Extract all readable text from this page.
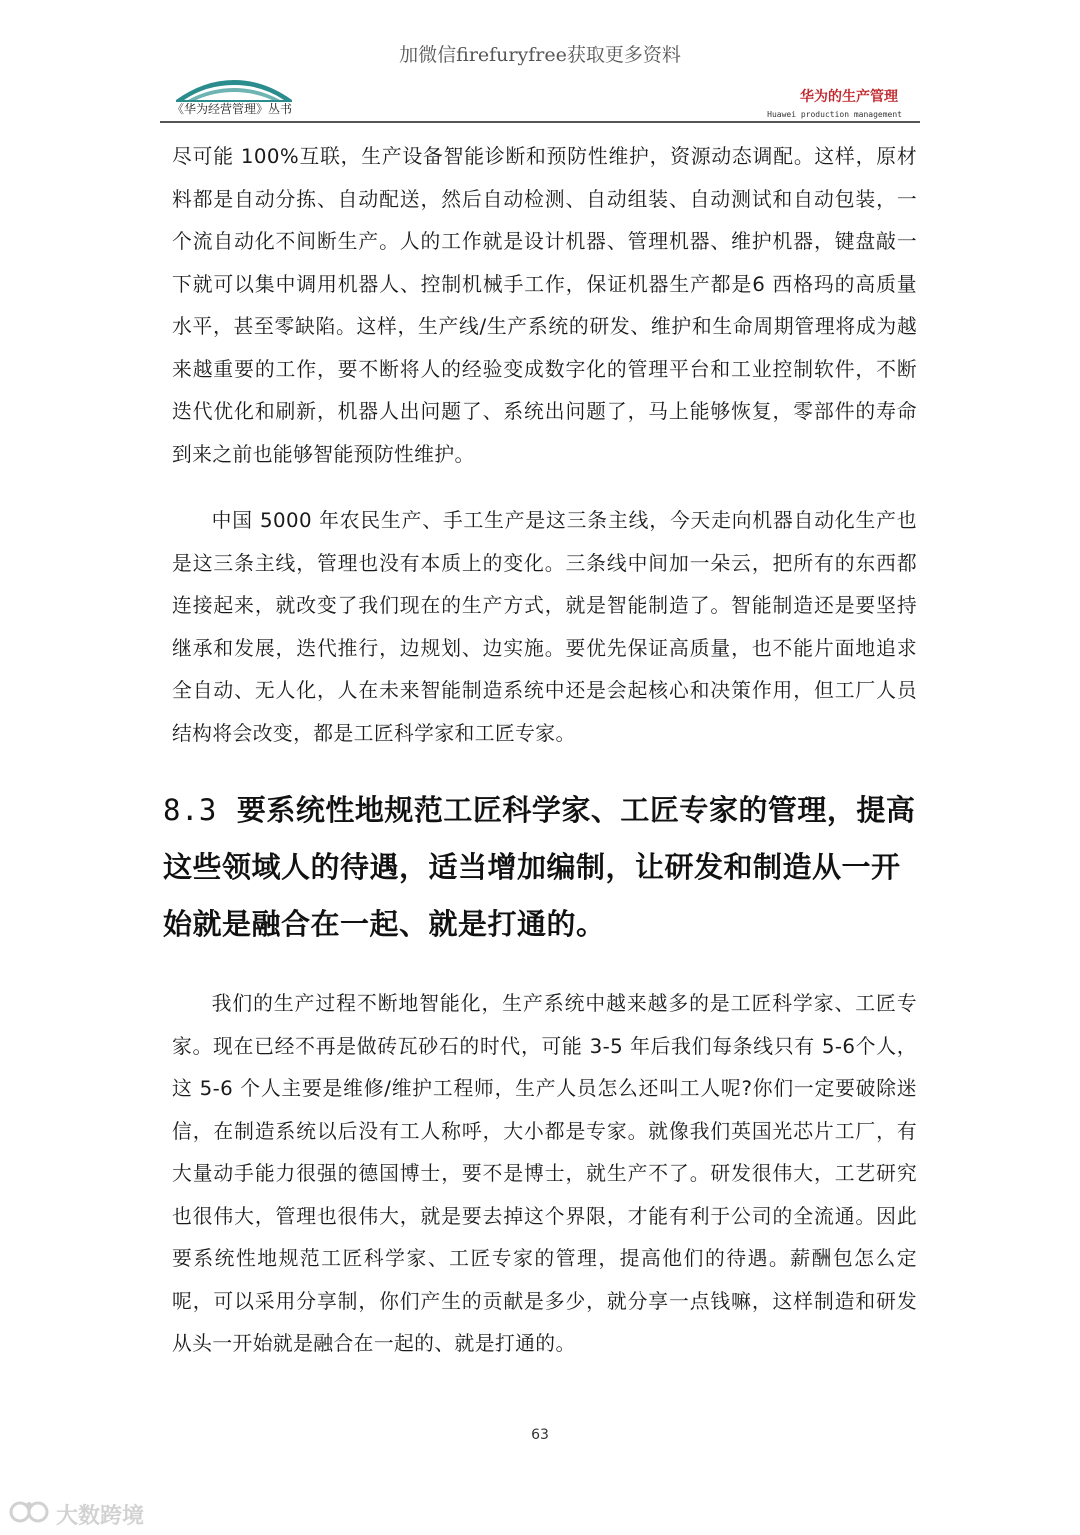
加微信firefuryfree获取更多资料
《华为经营管理》丛书
华为的生产管理
Huawei production management

尽可能 100%互联，生产设备智能诊断和预防性维护，资源动态调配。这样，原材料都是自动分拣、自动配送，然后自动检测、自动组装、自动测试和自动包装，一个流自动化不间断生产。人的工作就是设计机器、管理机器、维护机器，键盘敲一下就可以集中调用机器人、控制机械手工作，保证机器生产都是6 西格玛的高质量水平，甚至零缺陷。这样，生产线/生产系统的研发、维护和生命周期管理将成为越来越重要的工作，要不断将人的经验变成数字化的管理平台和工业控制软件，不断迭代优化和刷新，机器人出问题了、系统出问题了，马上能够恢复，零部件的寿命到来之前也能够智能预防性维护。

中国 5000 年农民生产、手工生产是这三条主线，今天走向机器自动化生产也是这三条主线，管理也没有本质上的变化。三条线中间加一朵云，把所有的东西都连接起来，就改变了我们现在的生产方式，就是智能制造了。智能制造还是要坚持继承和发展，迭代推行，边规划、边实施。要优先保证高质量，也不能片面地追求全自动、无人化，人在未来智能制造系统中还是会起核心和决策作用，但工厂人员结构将会改变，都是工匠科学家和工匠专家。

8.3 要系统性地规范工匠科学家、工匠专家的管理，提高这些领域人的待遇，适当增加编制，让研发和制造从一开始就是融合在一起、就是打通的。

我们的生产过程不断地智能化，生产系统中越来越多的是工匠科学家、工匠专家。现在已经不再是做砖瓦砂石的时代，可能 3-5 年后我们每条线只有 5-6个人，这 5-6 个人主要是维修/维护工程师，生产人员怎么还叫工人呢?你们一定要破除迷信，在制造系统以后没有工人称呼，大小都是专家。就像我们英国光芯片工厂，有大量动手能力很强的德国博士，要不是博士，就生产不了。研发很伟大，工艺研究也很伟大，管理也很伟大，就是要去掉这个界限，才能有利于公司的全流通。因此要系统性地规范工匠科学家、工匠专家的管理，提高他们的待遇。薪酬包怎么定呢，可以采用分享制，你们产生的贡献是多少，就分享一点钱嘛，这样制造和研发从头一开始就是融合在一起的、就是打通的。

63
大数跨境
